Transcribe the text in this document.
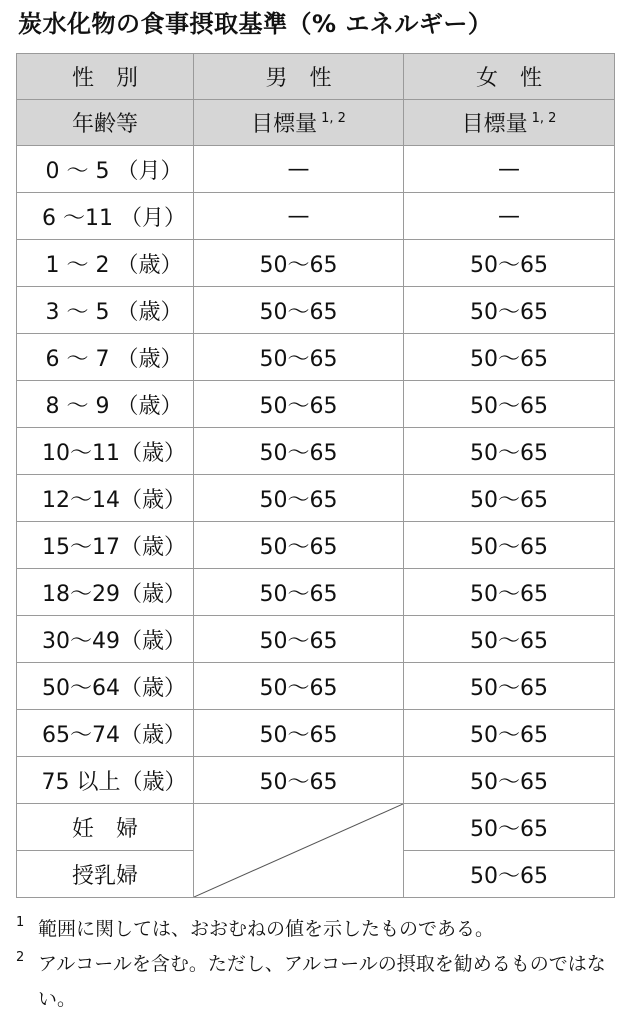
炭水化物の食事摂取基準（% エネルギー）
性　別	男　性	女　性
年齢等	目標量 $^{1, 2}$	目標量 $^{1, 2}$
0 ～ 5 （月）	—	—
6 ～11 （月）	—	—
1 ～ 2 （歳）	50～65	50～65
3 ～ 5 （歳）	50～65	50～65
6 ～ 7 （歳）	50～65	50～65
8 ～ 9 （歳）	50～65	50～65
10～11（歳）	50～65	50～65
12～14（歳）	50～65	50～65
15～17（歳）	50～65	50～65
18～29（歳）	50～65	50～65
30～49（歳）	50～65	50～65
50～64（歳）	50～65	50～65
65～74（歳）	50～65	50～65
75 以上（歳）	50～65	50～65
妊　婦		50～65
授乳婦		50～65
1 範囲に関しては、おおむねの値を示したものである。
2 アルコールを含む。ただし、アルコールの摂取を勧めるものではない。
